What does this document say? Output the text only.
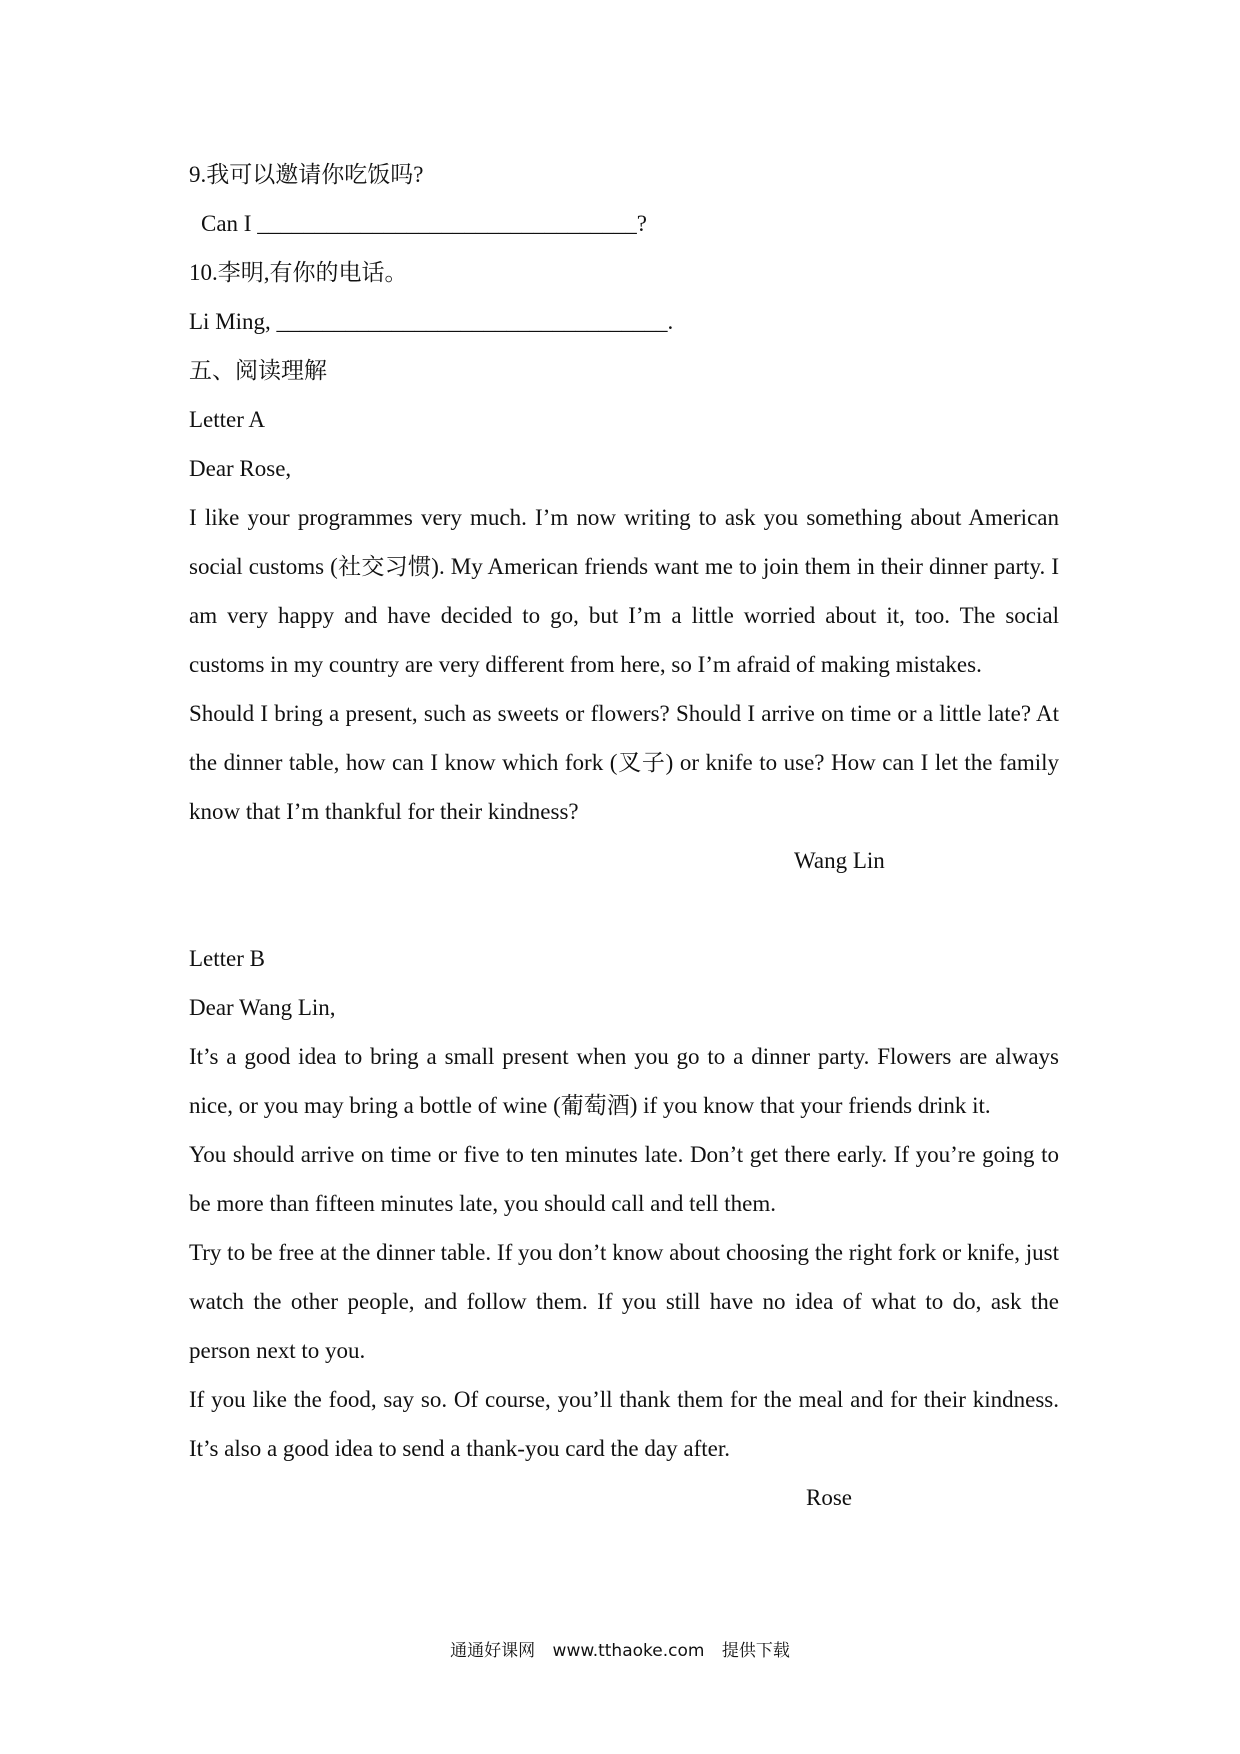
9.我可以邀请你吃饭吗?
Can I _________________________________?
10.李明,有你的电话。
Li Ming, __________________________________.
五、阅读理解
Letter A
Dear Rose,
I like your programmes very much. I’m now writing to ask you something about American social customs (社交习惯). My American friends want me to join them in their dinner party. I am very happy and have decided to go, but I’m a little worried about it, too. The social customs in my country are very different from here, so I’m afraid of making mistakes.
Should I bring a present, such as sweets or flowers? Should I arrive on time or a little late? At the dinner table, how can I know which fork (叉子) or knife to use? How can I let the family know that I’m thankful for their kindness?
Wang Lin
Letter B
Dear Wang Lin,
It’s a good idea to bring a small present when you go to a dinner party. Flowers are always nice, or you may bring a bottle of wine (葡萄酒) if you know that your friends drink it.
You should arrive on time or five to ten minutes late. Don’t get there early. If you’re going to be more than fifteen minutes late, you should call and tell them.
Try to be free at the dinner table. If you don’t know about choosing the right fork or knife, just watch the other people, and follow them. If you still have no idea of what to do, ask the person next to you.
If you like the food, say so. Of course, you’ll thank them for the meal and for their kindness. It’s also a good idea to send a thank-you card the day after.
Rose
通通好课网 www.tthaoke.com 提供下载
